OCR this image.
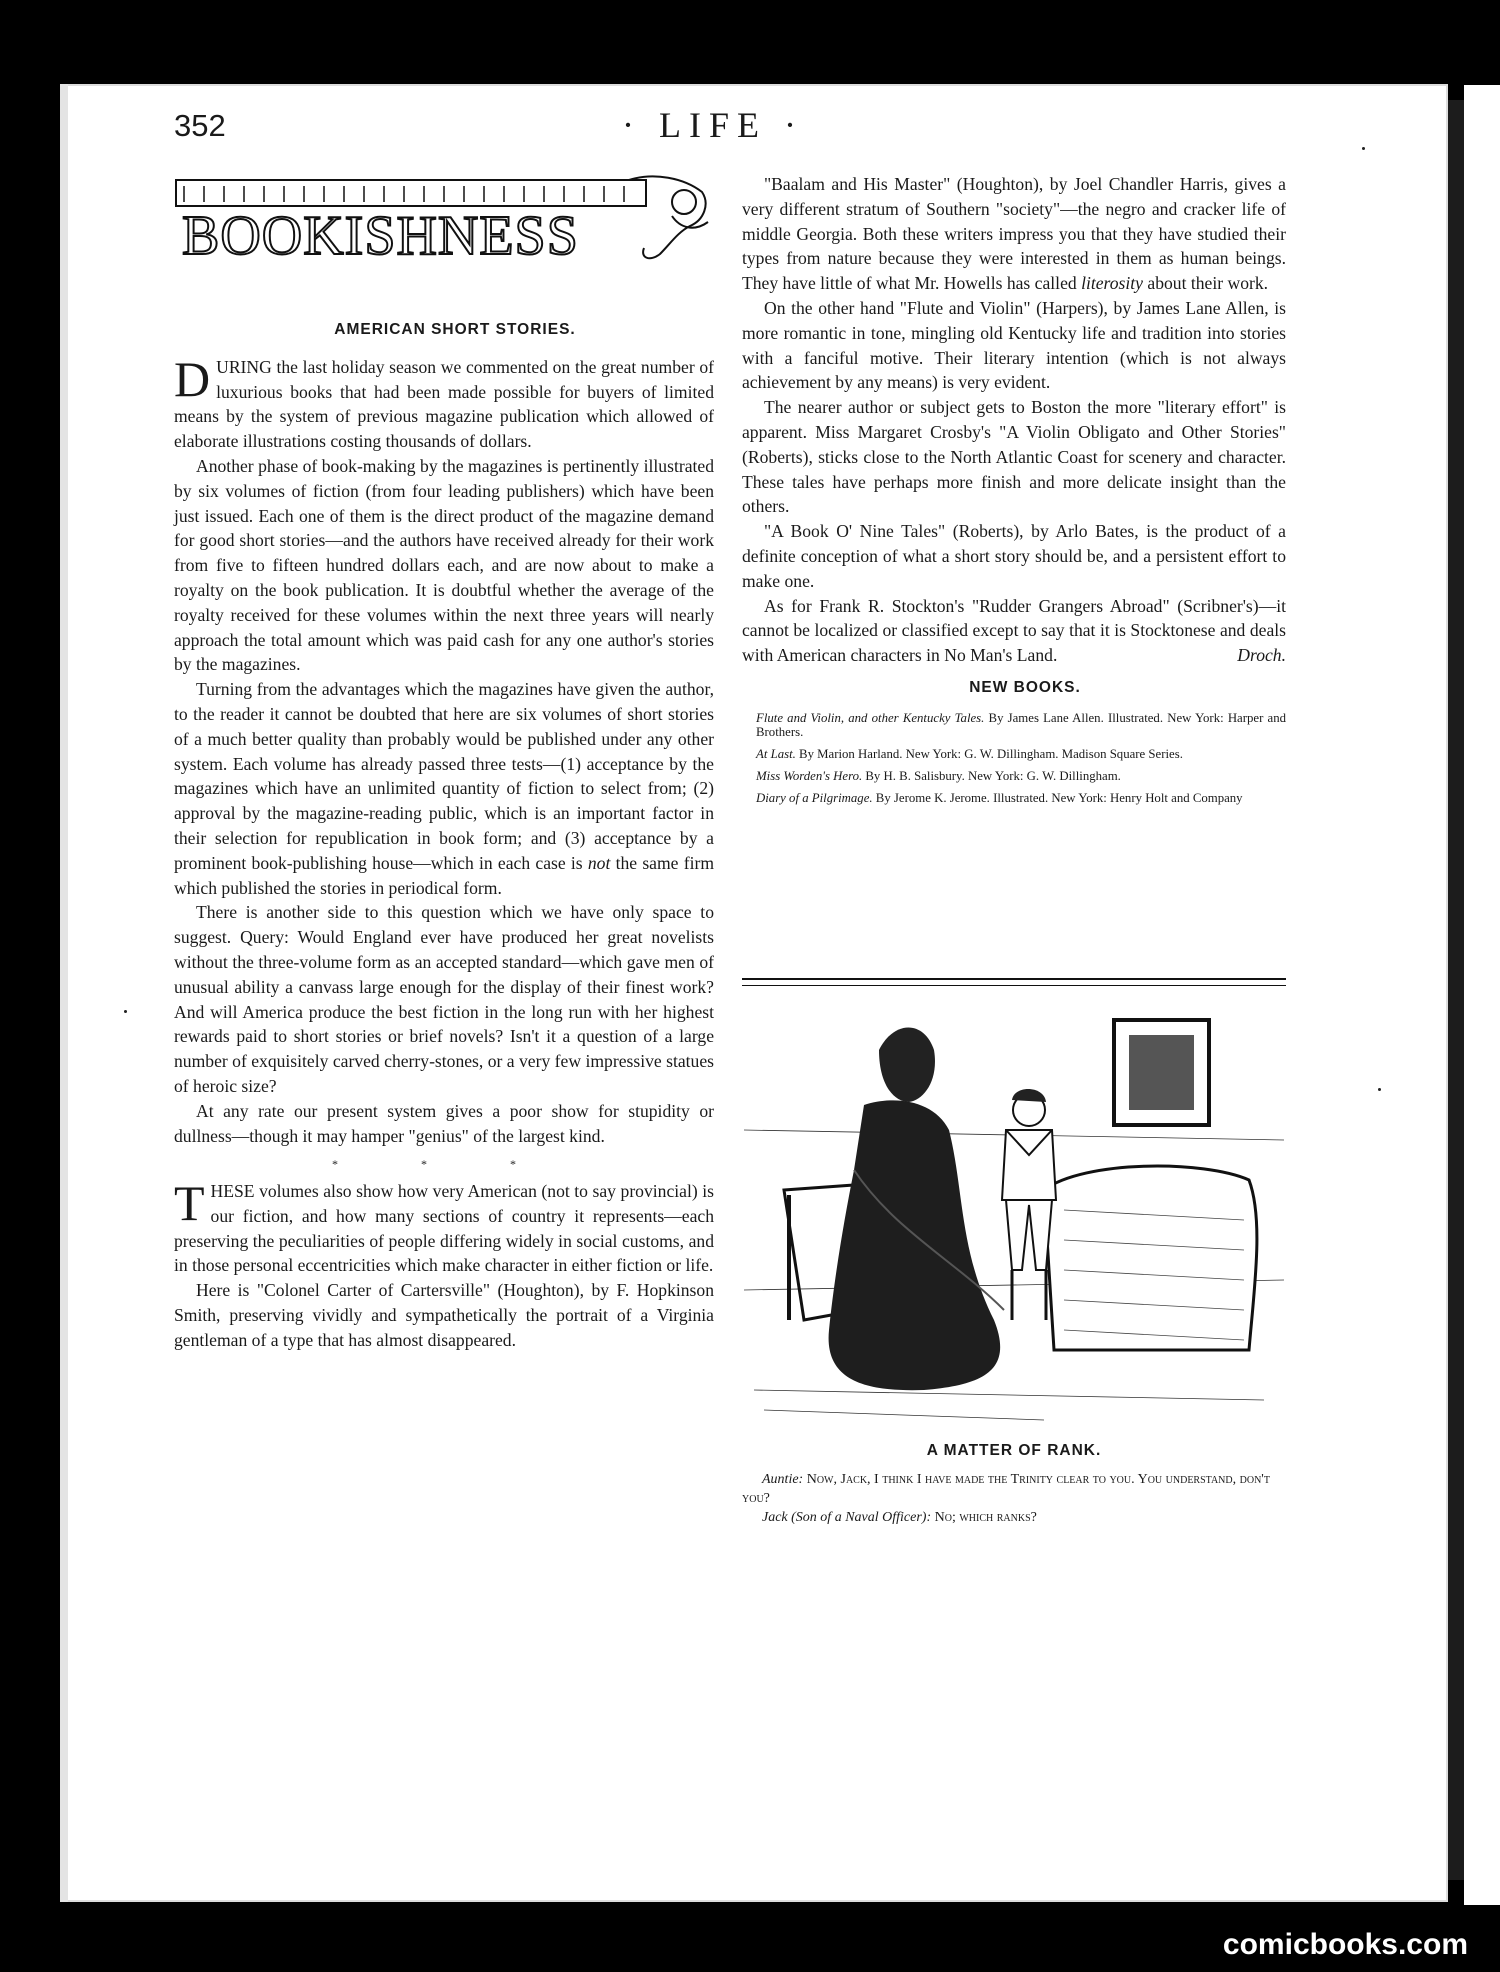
352	· LIFE ·
BOOKISHNESS

AMERICAN SHORT STORIES.

DURING the last holiday season we commented on the great number of luxurious books that had been made possible for buyers of limited means by the system of previous magazine publication which allowed of elaborate illustrations costing thousands of dollars.

Another phase of book-making by the magazines is pertinently illustrated by six volumes of fiction (from four leading publishers) which have been just issued. Each one of them is the direct product of the magazine demand for good short stories—and the authors have received already for their work from five to fifteen hundred dollars each, and are now about to make a royalty on the book publication. It is doubtful whether the average of the royalty received for these volumes within the next three years will nearly approach the total amount which was paid cash for any one author's stories by the magazines.

Turning from the advantages which the magazines have given the author, to the reader it cannot be doubted that here are six volumes of short stories of a much better quality than probably would be published under any other system. Each volume has already passed three tests—(1) acceptance by the magazines which have an unlimited quantity of fiction to select from; (2) approval by the magazine-reading public, which is an important factor in their selection for republication in book form; and (3) acceptance by a prominent book-publishing house—which in each case is not the same firm which published the stories in periodical form.

There is another side to this question which we have only space to suggest. Query: Would England ever have produced her great novelists without the three-volume form as an accepted standard—which gave men of unusual ability a canvass large enough for the display of their finest work? And will America produce the best fiction in the long run with her highest rewards paid to short stories or brief novels? Isn't it a question of a large number of exquisitely carved cherry-stones, or a very few impressive statues of heroic size?

At any rate our present system gives a poor show for stupidity or dullness—though it may hamper "genius" of the largest kind.

* * *

THESE volumes also show how very American (not to say provincial) is our fiction, and how many sections of country it represents—each preserving the peculiarities of people differing widely in social customs, and in those personal eccentricities which make character in either fiction or life.

Here is "Colonel Carter of Cartersville" (Houghton), by F. Hopkinson Smith, preserving vividly and sympathetically the portrait of a Virginia gentleman of a type that has almost disappeared.

"Baalam and His Master" (Houghton), by Joel Chandler Harris, gives a very different stratum of Southern "society"—the negro and cracker life of middle Georgia. Both these writers impress you that they have studied their types from nature because they were interested in them as human beings. They have little of what Mr. Howells has called literosity about their work.

On the other hand "Flute and Violin" (Harpers), by James Lane Allen, is more romantic in tone, mingling old Kentucky life and tradition into stories with a fanciful motive. Their literary intention (which is not always achievement by any means) is very evident.

The nearer author or subject gets to Boston the more "literary effort" is apparent. Miss Margaret Crosby's "A Violin Obligato and Other Stories" (Roberts), sticks close to the North Atlantic Coast for scenery and character. These tales have perhaps more finish and more delicate insight than the others.

"A Book O' Nine Tales" (Roberts), by Arlo Bates, is the product of a definite conception of what a short story should be, and a persistent effort to make one.

As for Frank R. Stockton's "Rudder Grangers Abroad" (Scribner's)—it cannot be localized or classified except to say that it is Stocktonese and deals with American characters in No Man's Land.	Droch.

NEW BOOKS.

Flute and Violin, and other Kentucky Tales. By James Lane Allen. Illustrated. New York: Harper and Brothers.

At Last. By Marion Harland. New York: G. W. Dillingham. Madison Square Series.

Miss Worden's Hero. By H. B. Salisbury. New York: G. W. Dillingham.

Diary of a Pilgrimage. By Jerome K. Jerome. Illustrated. New York: Henry Holt and Company

A MATTER OF RANK.
Auntie: Now, Jack, I think I have made the Trinity clear to you. You understand, don't you?
Jack (Son of a Naval Officer): No; which ranks?
comicbooks.com
